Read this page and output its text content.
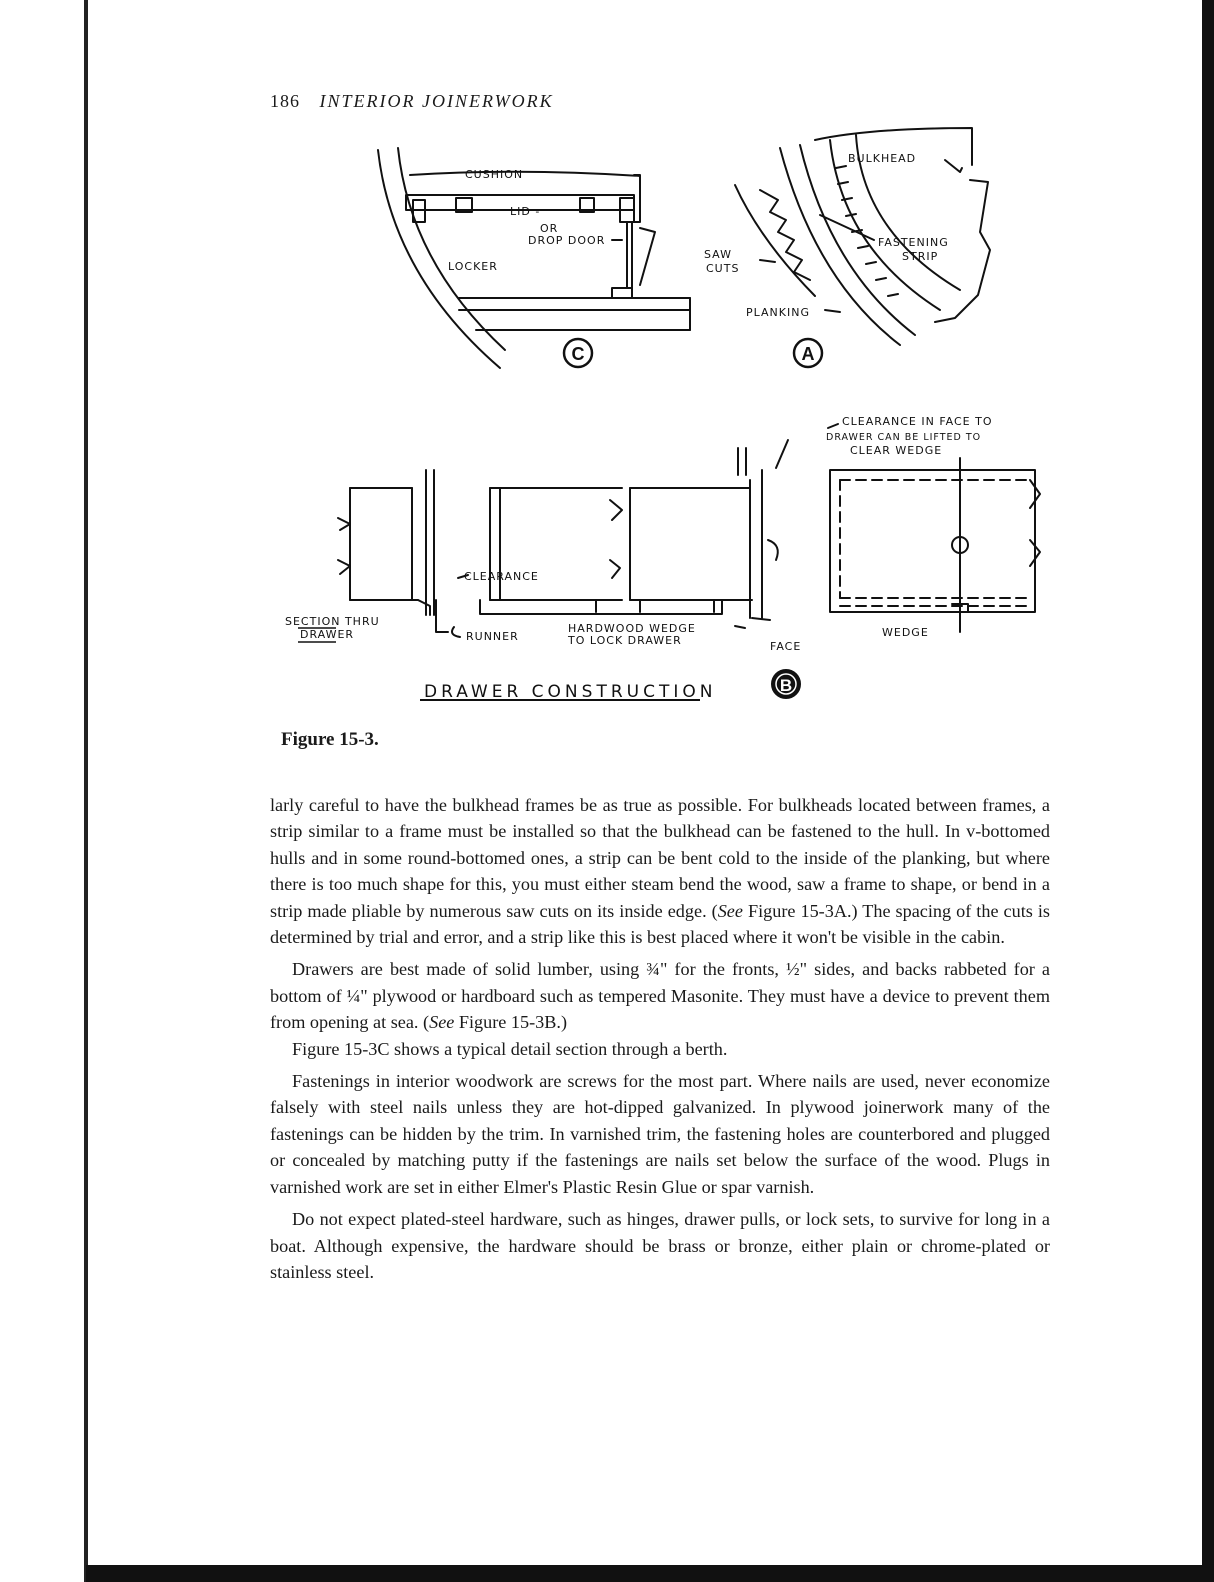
186 INTERIOR JOINERWORK
CUSHION
LID -
OR
DROP DOOR
LOCKER
BULKHEAD
SAW
CUTS
FASTENING
STRIP
PLANKING
CLEARANCE IN FACE TO
DRAWER CAN BE LIFTED TO
CLEAR WEDGE
CLEARANCE
SECTION THRU
DRAWER	RUNNER
HARDWOOD WEDGE
TO LOCK DRAWER	FACE
WEDGE
DRAWER CONSTRUCTION
C	A
B
Figure 15-3.

larly careful to have the bulkhead frames be as true as possible. For bulkheads located between frames, a strip similar to a frame must be installed so that the bulkhead can be fastened to the hull. In v-bottomed hulls and in some round-bottomed ones, a strip can be bent cold to the inside of the planking, but where there is too much shape for this, you must either steam bend the wood, saw a frame to shape, or bend in a strip made pliable by numerous saw cuts on its inside edge. (See Figure 15-3A.) The spacing of the cuts is determined by trial and error, and a strip like this is best placed where it won't be visible in the cabin.

Drawers are best made of solid lumber, using ¾" for the fronts, ½" sides, and backs rabbeted for a bottom of ¼" plywood or hardboard such as tempered Masonite. They must have a device to prevent them from opening at sea. (See Figure 15-3B.)

Figure 15-3C shows a typical detail section through a berth.

Fastenings in interior woodwork are screws for the most part. Where nails are used, never economize falsely with steel nails unless they are hot-dipped galvanized. In plywood joinerwork many of the fastenings can be hidden by the trim. In varnished trim, the fastening holes are counterbored and plugged or concealed by matching putty if the fastenings are nails set below the surface of the wood. Plugs in varnished work are set in either Elmer's Plastic Resin Glue or spar varnish.

Do not expect plated-steel hardware, such as hinges, drawer pulls, or lock sets, to survive for long in a boat. Although expensive, the hardware should be brass or bronze, either plain or chrome-plated or stainless steel.
